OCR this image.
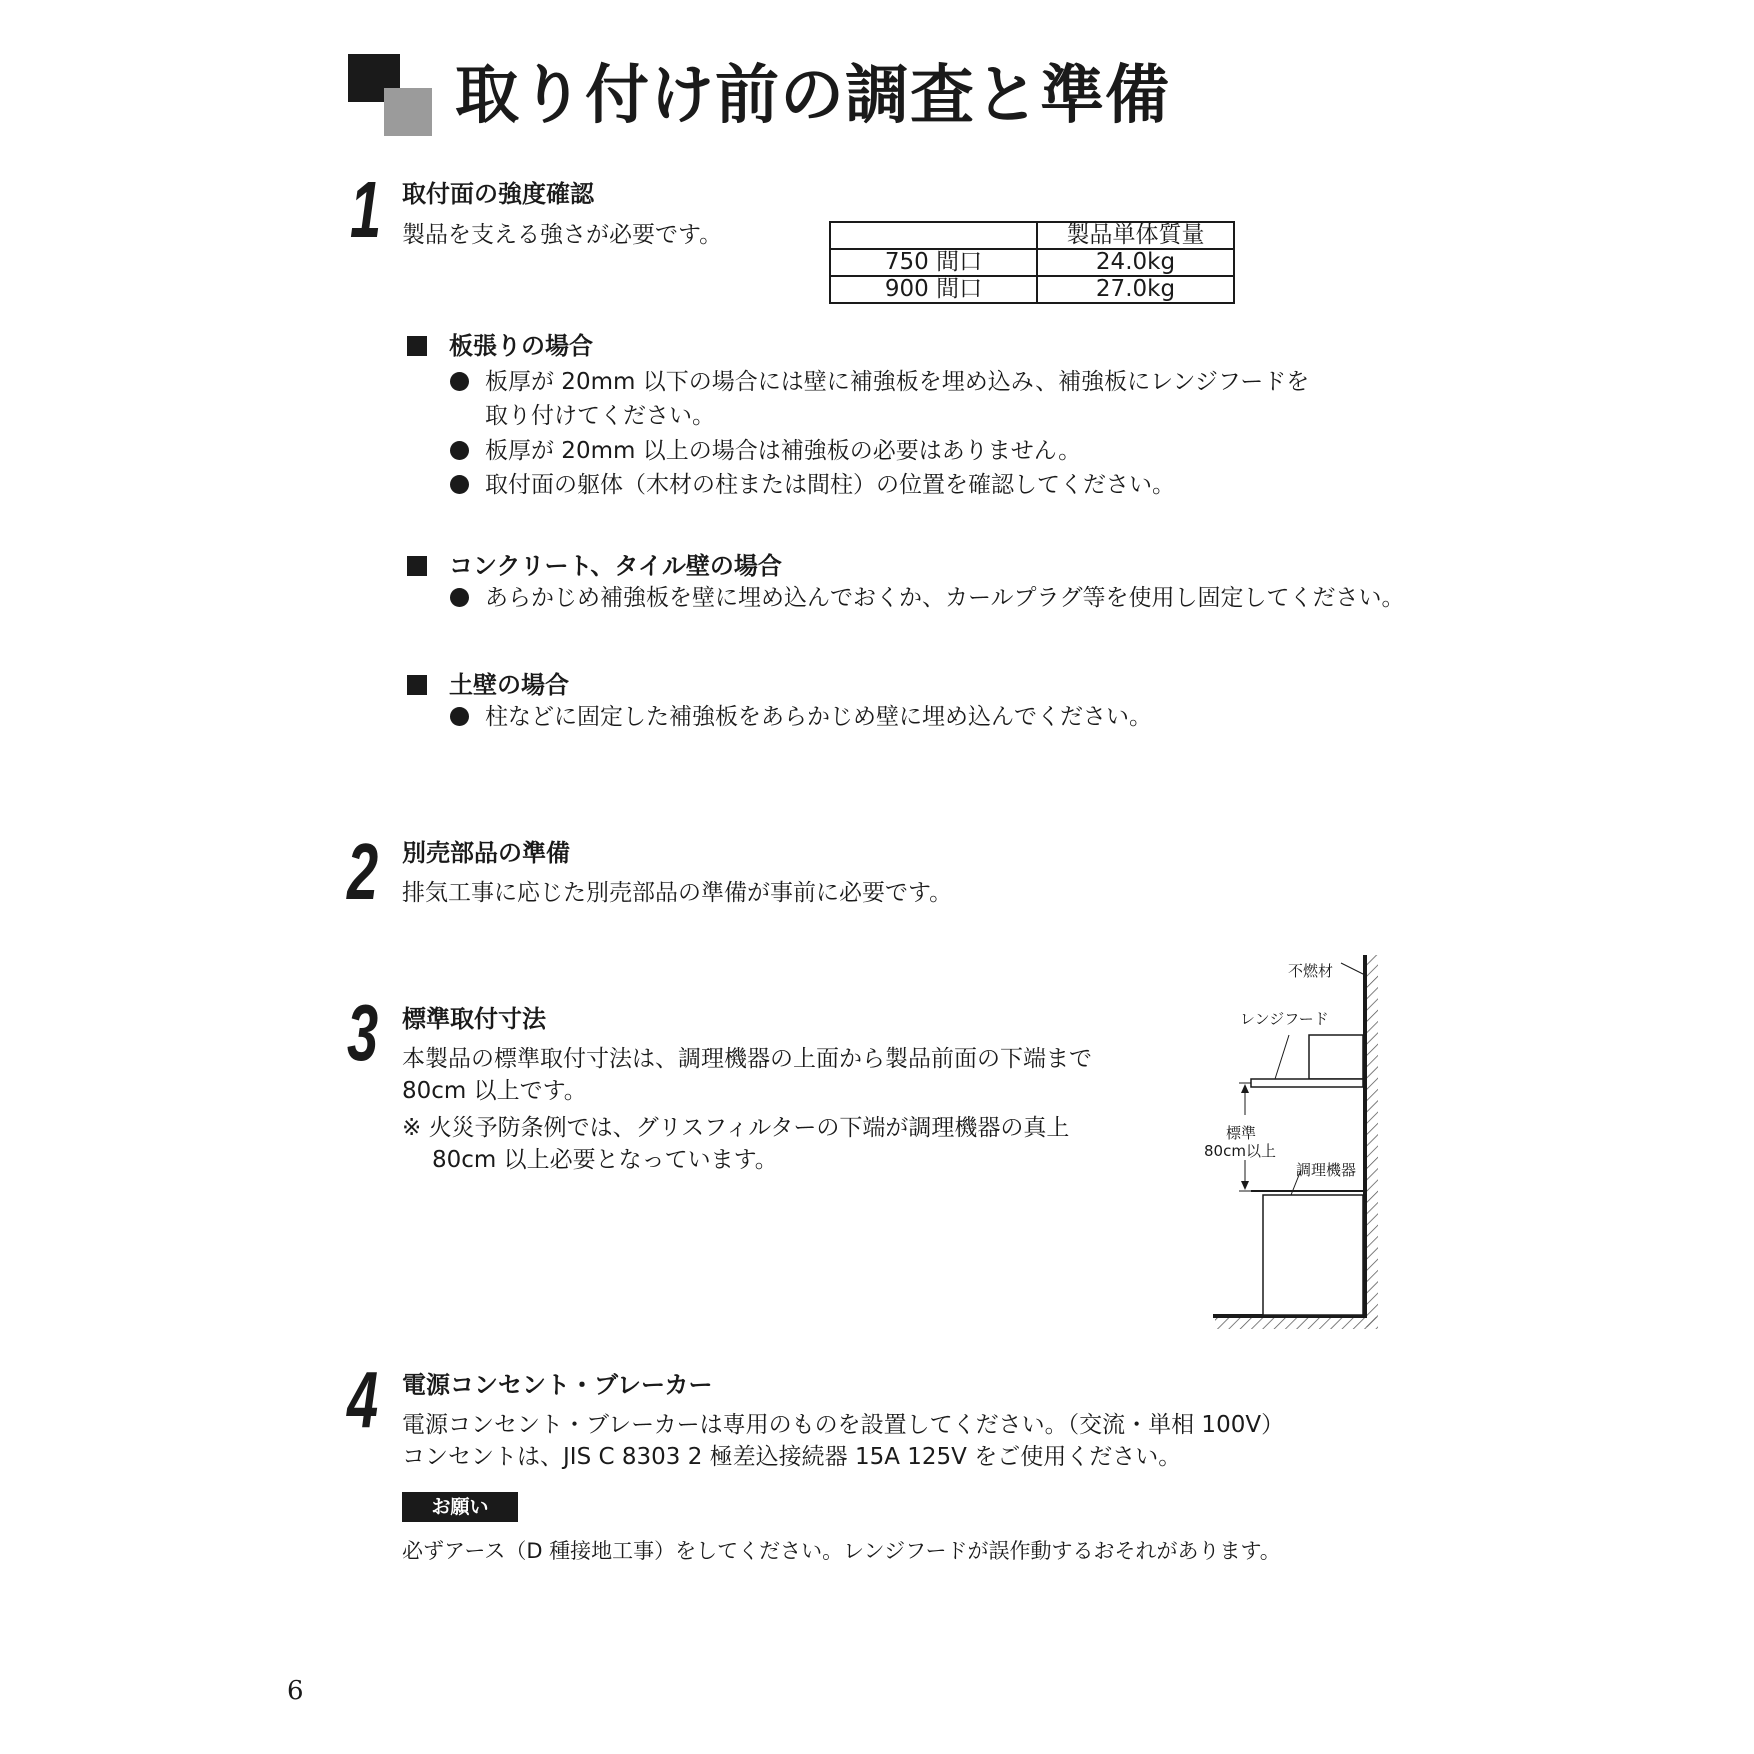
取り付け前の調査と準備
1 取付面の強度確認
製品を支える強さが必要です。
		製品単体質量
750 間口	24.0kg
900 間口	27.0kg
板張りの場合
板厚が 20mm 以下の場合には壁に補強板を埋め込み、補強板にレンジフードを
取り付けてください。
板厚が 20mm 以上の場合は補強板の必要はありません。
取付面の躯体（木材の柱または間柱）の位置を確認してください。
コンクリート、タイル壁の場合
あらかじめ補強板を壁に埋め込んでおくか、カールプラグ等を使用し固定してください。
土壁の場合
柱などに固定した補強板をあらかじめ壁に埋め込んでください。
2 別売部品の準備
排気工事に応じた別売部品の準備が事前に必要です。
3 標準取付寸法
本製品の標準取付寸法は、調理機器の上面から製品前面の下端まで
80cm 以上です。
※ 火災予防条例では、グリスフィルターの下端が調理機器の真上
80cm 以上必要となっています。
不燃材
レンジフード
標準
80cm以上
調理機器
4 電源コンセント・ブレーカー
電源コンセント・ブレーカーは専用のものを設置してください。（交流・単相 100V）
コンセントは、JIS C 8303 2 極差込接続器 15A 125V をご使用ください。
お願い
必ずアース（D 種接地工事）をしてください。レンジフードが誤作動するおそれがあります。
6
